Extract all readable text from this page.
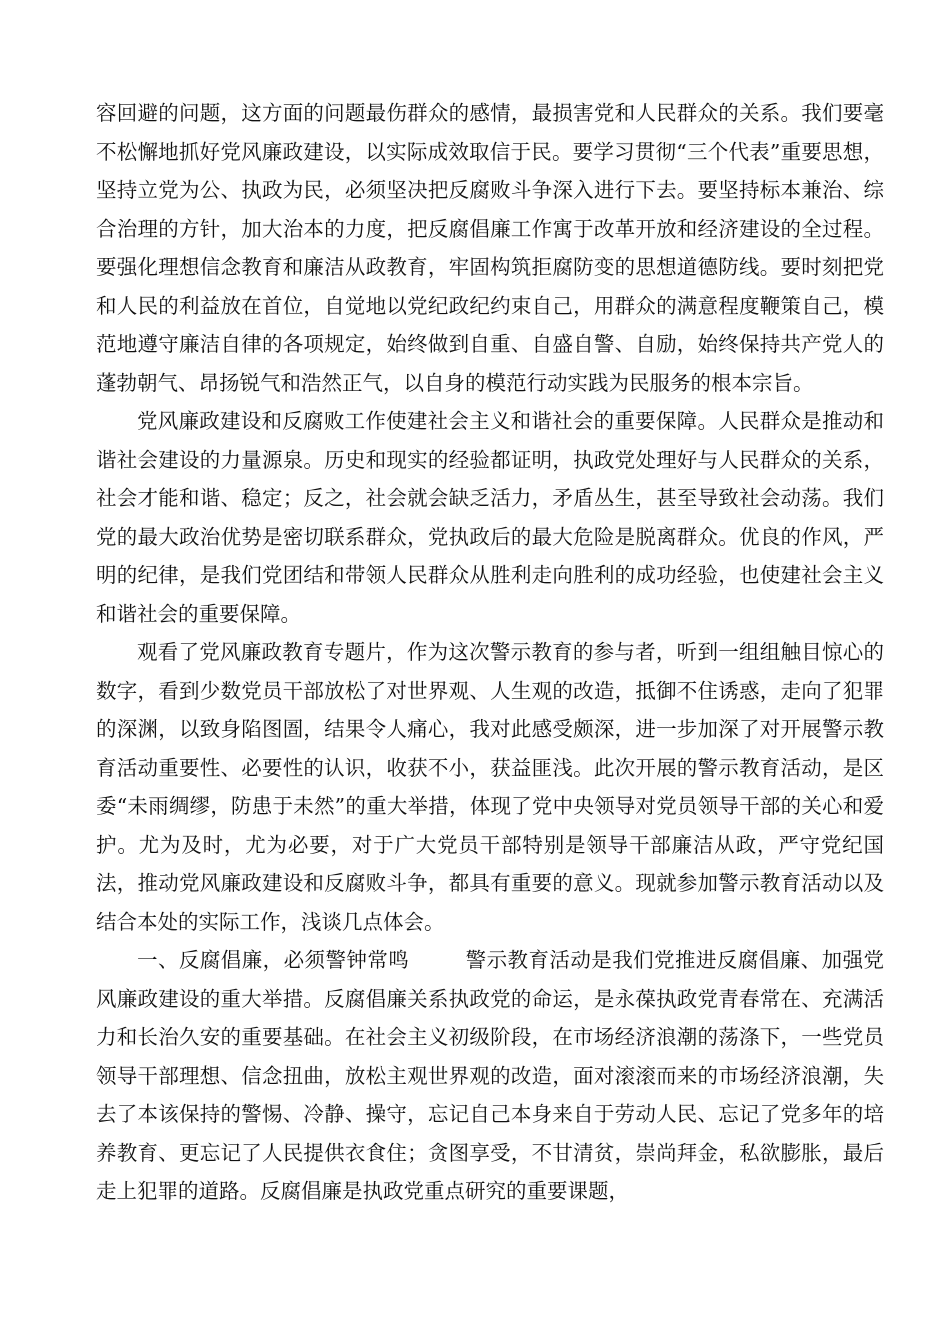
容回避的问题，这方面的问题最伤群众的感情，最损害党和人民群众的关系。我们要毫不松懈地抓好党风廉政建设，以实际成效取信于民。要学习贯彻“三个代表”重要思想，坚持立党为公、执政为民，必须坚决把反腐败斗争深入进行下去。要坚持标本兼治、综合治理的方针，加大治本的力度，把反腐倡廉工作寓于改革开放和经济建设的全过程。要强化理想信念教育和廉洁从政教育，牢固构筑拒腐防变的思想道德防线。要时刻把党和人民的利益放在首位，自觉地以党纪政纪约束自己，用群众的满意程度鞭策自己，模范地遵守廉洁自律的各项规定，始终做到自重、自盛自警、自励，始终保持共产党人的蓬勃朝气、昂扬锐气和浩然正气，以自身的模范行动实践为民服务的根本宗旨。

党风廉政建设和反腐败工作使建社会主义和谐社会的重要保障。人民群众是推动和谐社会建设的力量源泉。历史和现实的经验都证明，执政党处理好与人民群众的关系，社会才能和谐、稳定；反之，社会就会缺乏活力，矛盾丛生，甚至导致社会动荡。我们党的最大政治优势是密切联系群众，党执政后的最大危险是脱离群众。优良的作风，严明的纪律，是我们党团结和带领人民群众从胜利走向胜利的成功经验，也使建社会主义和谐社会的重要保障。

观看了党风廉政教育专题片，作为这次警示教育的参与者，听到一组组触目惊心的数字，看到少数党员干部放松了对世界观、人生观的改造，抵御不住诱惑，走向了犯罪的深渊，以致身陷图圄，结果令人痛心，我对此感受颇深，进一步加深了对开展警示教育活动重要性、必要性的认识，收获不小，获益匪浅。此次开展的警示教育活动，是区委“未雨绸缪，防患于未然”的重大举措，体现了党中央领导对党员领导干部的关心和爱护。尤为及时，尤为必要，对于广大党员干部特别是领导干部廉洁从政，严守党纪国法，推动党风廉政建设和反腐败斗争，都具有重要的意义。现就参加警示教育活动以及结合本处的实际工作，浅谈几点体会。

一、反腐倡廉，必须警钟常鸣	警示教育活动是我们党推进反腐倡廉、加强党风廉政建设的重大举措。反腐倡廉关系执政党的命运，是永葆执政党青春常在、充满活力和长治久安的重要基础。在社会主义初级阶段，在市场经济浪潮的荡涤下，一些党员领导干部理想、信念扭曲，放松主观世界观的改造，面对滚滚而来的市场经济浪潮，失去了本该保持的警惕、冷静、操守，忘记自己本身来自于劳动人民、忘记了党多年的培养教育、更忘记了人民提供衣食住；贪图享受，不甘清贫，崇尚拜金，私欲膨胀，最后走上犯罪的道路。反腐倡廉是执政党重点研究的重要课题，
